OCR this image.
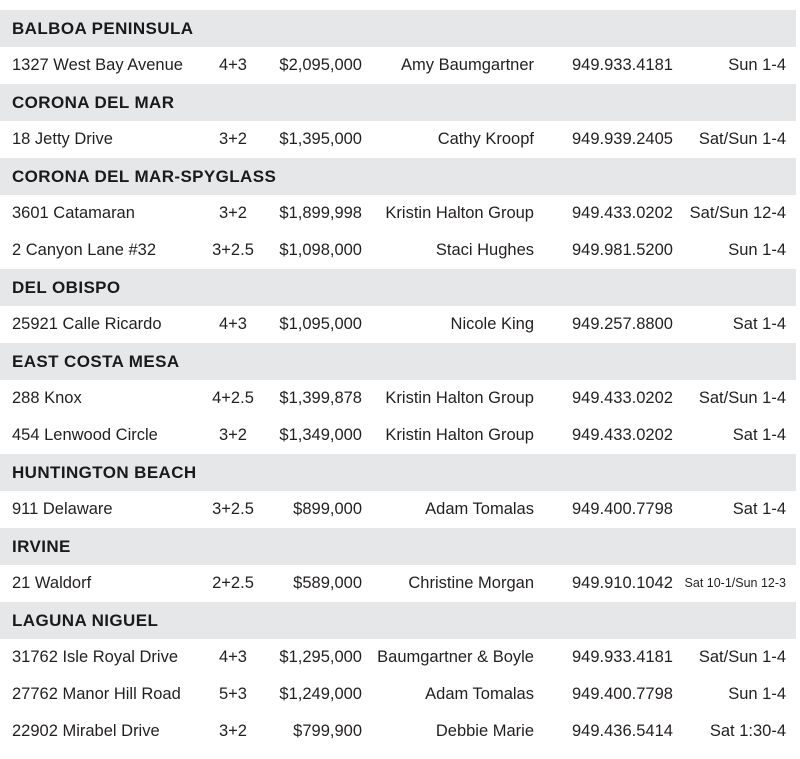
BALBOA PENINSULA
1327 West Bay Avenue	4+3	$2,095,000 Amy Baumgartner 949.933.4181	Sun 1-4
CORONA DEL MAR
18 Jetty Drive	3+2	$1,395,000	Cathy Kroopf 949.939.2405 Sat/Sun 1-4
CORONA DEL MAR-SPYGLASS
3601 Catamaran	3+2	$1,899,998 Kristin Halton Group 949.433.0202 Sat/Sun 12-4
2 Canyon Lane #32	3+2.5	$1,098,000	Staci Hughes 949.981.5200	Sun 1-4
DEL OBISPO
25921 Calle Ricardo	4+3	$1,095,000	Nicole King 949.257.8800	Sat 1-4
EAST COSTA MESA
288 Knox	4+2.5	$1,399,878 Kristin Halton Group 949.433.0202 Sat/Sun 1-4
454 Lenwood Circle	3+2	$1,349,000 Kristin Halton Group 949.433.0202	Sat 1-4
HUNTINGTON BEACH
911 Delaware	3+2.5	$899,000	Adam Tomalas 949.400.7798	Sat 1-4
IRVINE
21 Waldorf	2+2.5	$589,000	Christine Morgan 949.910.1042 Sat 10-1/Sun 12-3
LAGUNA NIGUEL
31762 Isle Royal Drive	4+3	$1,295,000 Baumgartner & Boyle 949.933.4181 Sat/Sun 1-4
27762 Manor Hill Road	5+3	$1,249,000	Adam Tomalas 949.400.7798	Sun 1-4
22902 Mirabel Drive	3+2	$799,900	Debbie Marie 949.436.5414 Sat 1:30-4
